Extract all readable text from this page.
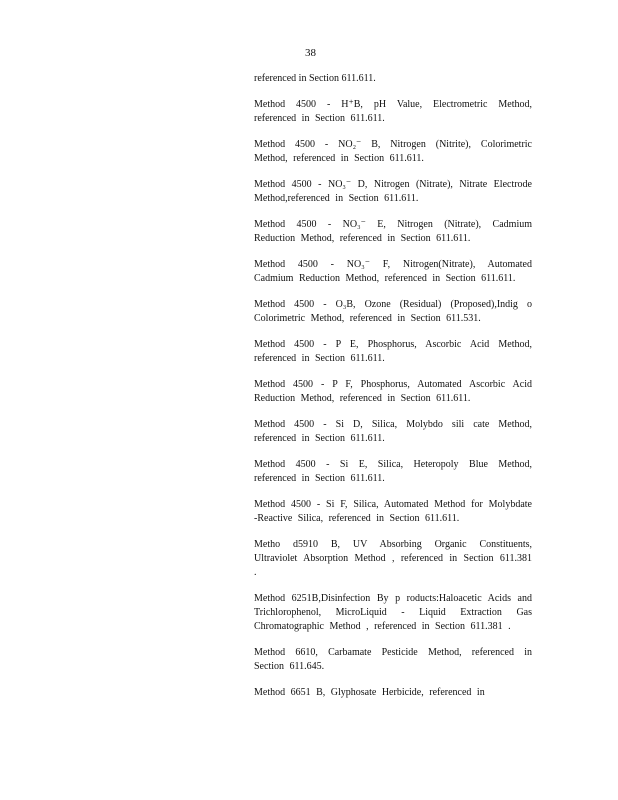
38
referenced in Section 611.611.

Method 4500 - H⁺B, pH Value, Electrometric Method, referenced in Section 611.611.

Method 4500 - NO₂⁻ B, Nitrogen (Nitrite), Colorimetric Method, referenced in Section 611.611.

Method 4500 - NO₃⁻ D, Nitrogen (Nitrate), Nitrate Electrode Method,referenced in Section 611.611.

Method 4500 - NO₃⁻ E, Nitrogen (Nitrate), Cadmium Reduction Method, referenced in Section 611.611.

Method 4500 - NO₃⁻ F, Nitrogen(Nitrate), Automated Cadmium Reduction Method, referenced in Section 611.611.

Method 4500 - O₃B, Ozone (Residual) (Proposed),Indig o Colorimetric Method, referenced in Section 611.531.

Method 4500 - P E, Phosphorus, Ascorbic Acid Method, referenced in Section 611.611.

Method 4500 - P F, Phosphorus, Automated Ascorbic Acid Reduction Method, referenced in Section 611.611.

Method 4500 - Si D, Silica, Molybdo sili cate Method, referenced in Section 611.611.

Method 4500 - Si E, Silica, Heteropoly Blue Method, referenced in Section 611.611.

Method 4500 - Si F, Silica, Automated Method for Molybdate -Reactive Silica, referenced in Section 611.611.

Metho d5910 B, UV Absorbing Organic Constituents, Ultraviolet Absorption Method , referenced in Section 611.381 .

Method 6251B,Disinfection By p roducts:Haloacetic Acids and Trichlorophenol, MicroLiquid - Liquid Extraction Gas Chromatographic Method , referenced in Section 611.381 .

Method 6610, Carbamate Pesticide Method, referenced in Section 611.645.

Method 6651 B, Glyphosate Herbicide, referenced in
